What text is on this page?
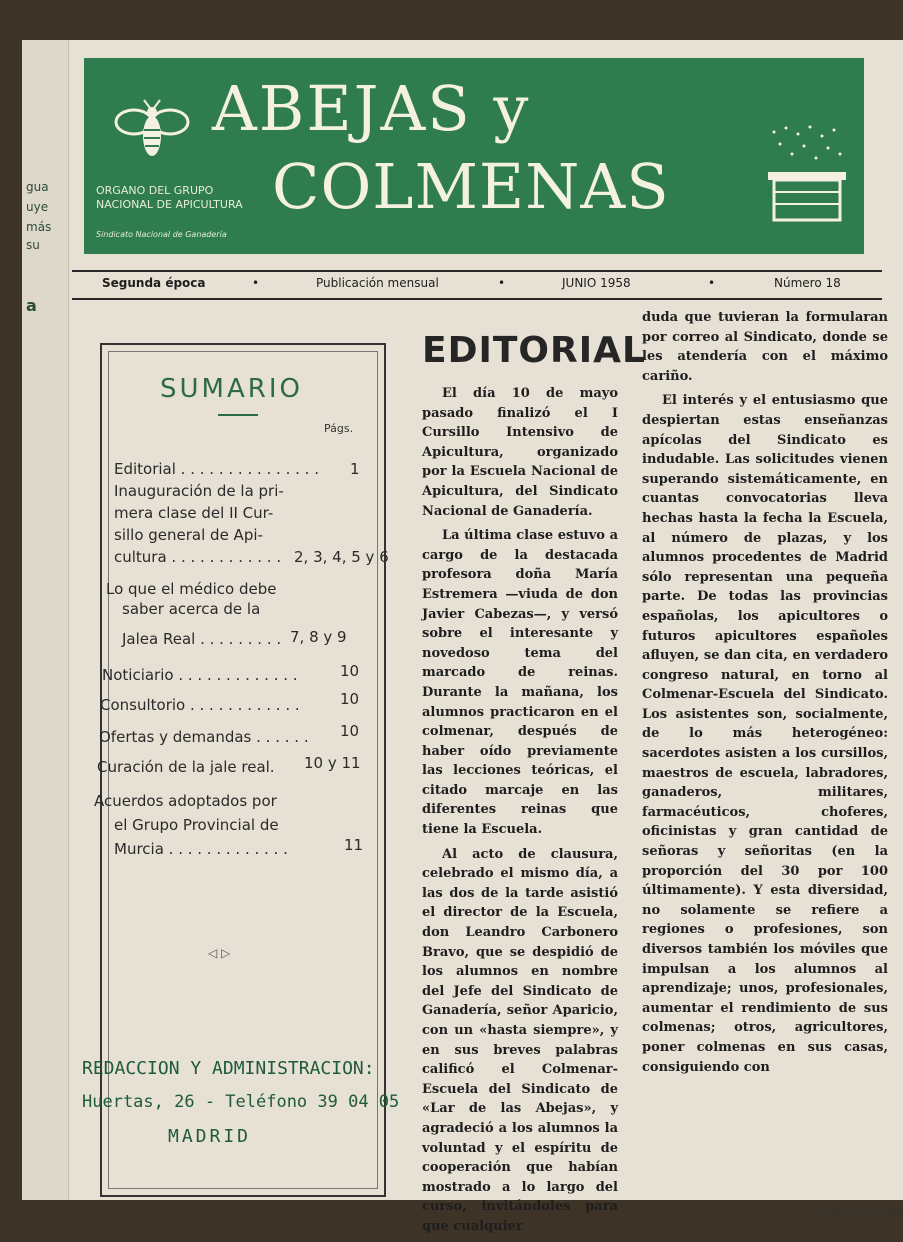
gua
uye
más
su
a
ABEJAS y
COLMENAS
ORGANO DEL GRUPO
NACIONAL DE APICULTURA
Sindicato Nacional de Ganadería
Segunda época	•	Publicación mensual	•	JUNIO 1958	•	Número 18
SUMARIO
Págs.
Editorial . . . . . . . . . . . . . . . 1
Inauguración de la pri-
mera clase del II Cur-
sillo general de Api-
cultura . . . . . . . . . . . . 2, 3, 4, 5 y 6
Lo que el médico debe
saber acerca de la
Jalea Real . . . . . . . . . 7, 8 y 9
Noticiario . . . . . . . . . . . . .	10
Consultorio . . . . . . . . . . . .	10
Ofertas y demandas . . . . . . 10
Curación de la jale real. 10 y 11
Acuerdos adoptados por
el Grupo Provincial de
Murcia . . . . . . . . . . . . .	11
◁ ▷
REDACCION Y ADMINISTRACION:
Huertas, 26 - Teléfono 39 04 05
MADRID
EDITORIAL

El día 10 de mayo pasado finalizó el I Cursillo Intensivo de Apicultura, organizado por la Escuela Nacional de Apicultura, del Sindicato Nacional de Ganadería.

La última clase estuvo a cargo de la destacada profesora doña María Estremera —viuda de don Javier Cabezas—, y versó sobre el interesante y novedoso tema del marcado de reinas. Durante la mañana, los alumnos practicaron en el colmenar, después de haber oído previamente las lecciones teóricas, el citado marcaje en las diferentes reinas que tiene la Escuela.

Al acto de clausura, celebrado el mismo día, a las dos de la tarde asistió el director de la Escuela, don Leandro Carbonero Bravo, que se despidió de los alumnos en nombre del Jefe del Sindicato de Ganadería, señor Aparicio, con un «hasta siempre», y en sus breves palabras calificó el Colmenar-Escuela del Sindicato de «Lar de las Abejas», y agradeció a los alumnos la voluntad y el espíritu de cooperación que habían mostrado a lo largo del curso, invitándoles para que cualquier

duda que tuvieran la formularan por correo al Sindicato, donde se les atendería con el máximo cariño.

El interés y el entusiasmo que despiertan estas enseñanzas apícolas del Sindicato es indudable. Las solicitudes vienen superando sistemáticamente, en cuantas convocatorias lleva hechas hasta la fecha la Escuela, al número de plazas, y los alumnos procedentes de Madrid sólo representan una pequeña parte. De todas las provincias españolas, los apicultores o futuros apicultores españoles afluyen, se dan cita, en verdadero congreso natural, en torno al Colmenar-Escuela del Sindicato. Los asistentes son, socialmente, de lo más heterogéneo: sacerdotes asisten a los cursillos, maestros de escuela, labradores, ganaderos, militares, farmacéuticos, choferes, oficinistas y gran cantidad de señoras y señoritas (en la proporción del 30 por 100 últimamente). Y esta diversidad, no solamente se refiere a regiones o profesiones, son diversos también los móviles que impulsan a los alumnos al aprendizaje; unos, profesionales, aumentar el rendimiento de sus colmenas; otros, agricultores, poner colmenas en sus casas, consiguiendo con

(Continúa en la pág.
